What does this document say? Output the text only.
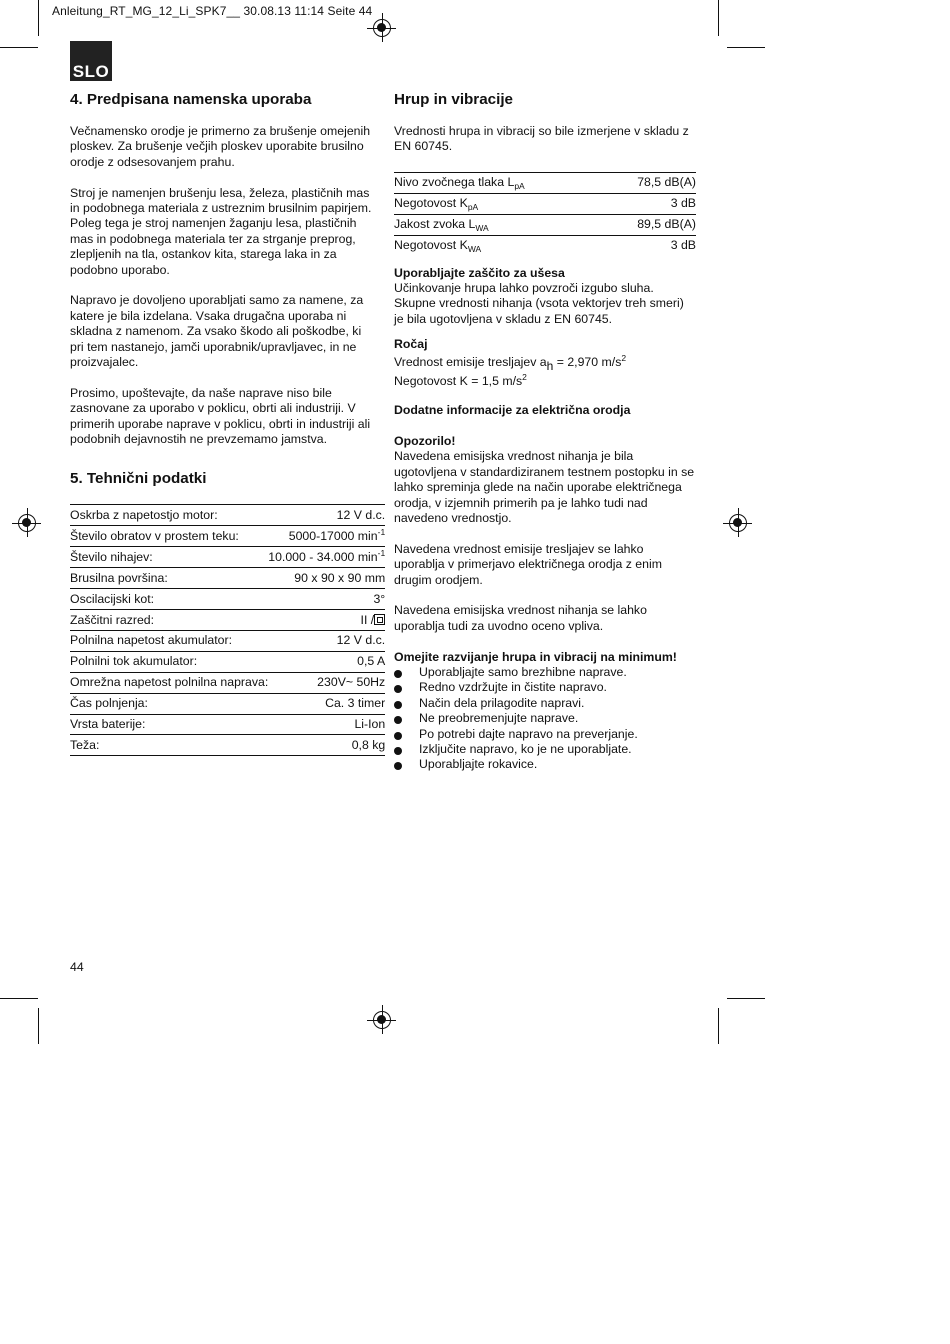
Anleitung_RT_MG_12_Li_SPK7__ 30.08.13 11:14 Seite 44
SLO
4. Predpisana namenska uporaba

Večnamensko orodje je primerno za brušenje omejenih ploskev. Za brušenje večjih ploskev uporabite brusilno orodje z odsesovanjem prahu.

Stroj je namenjen brušenju lesa, železa, plastičnih mas in podobnega materiala z ustreznim brusilnim papirjem. Poleg tega je stroj namenjen žaganju lesa, plastičnih mas in podobnega materiala ter za strganje preprog, zlepljenih na tla, ostankov kita, starega laka in za podobno uporabo.

Napravo je dovoljeno uporabljati samo za namene, za katere je bila izdelana. Vsaka drugačna uporaba ni skladna z namenom. Za vsako škodo ali poškodbe, ki pri tem nastanejo, jamči uporabnik/upravljavec, in ne proizvajalec.

Prosimo, upoštevajte, da naše naprave niso bile zasnovane za uporabo v poklicu, obrti ali industriji. V primerih uporabe naprave v poklicu, obrti in industriji ali podobnih dejavnostih ne prevzemamo jamstva.

5. Tehnični podatki
Oskrba z napetostjo motor:	12 V d.c.
Število obratov v prostem teku:	5000-17000 $\min^{-1}$
Število nihajev:	10.000 - 34.000 $\min^{-1}$
Brusilna površina:	90 x 90 x 90 mm
Oscilacijski kot:	3°
Zaščitni razred:	II /
Polnilna napetost akumulator:	12 V d.c.
Polnilni tok akumulator:	0,5 A
Omrežna napetost polnilna naprava:	230V~ 50Hz
Čas polnjenja:	Ca. 3 timer
Vrsta baterije:	Li-Ion
Teža:	0,8 kg
Hrup in vibracije

Vrednosti hrupa in vibracij so bile izmerjene v skladu z EN 60745.

Nivo zvočnega tlaka $L_{pA}$	78,5 dB(A)
Negotovost $K_{pA}$	3 dB
Jakost zvoka $L_{WA}$	89,5 dB(A)
Negotovost $K_{WA}$	3 dB
Uporabljajte zaščito za ušesa

Učinkovanje hrupa lahko povzroči izgubo sluha. Skupne vrednosti nihanja (vsota vektorjev treh smeri) je bila ugotovljena v skladu z EN 60745.

Ročaj
Vrednost emisije tresljajev $a_h = 2,970$ $m/s^2$
Negotovost K = 1,5 $m/s^2$
Dodatne informacije za električna orodja
Opozorilo!

Navedena emisijska vrednost nihanja je bila ugotovljena v standardiziranem testnem postopku in se lahko spreminja glede na način uporabe električnega orodja, v izjemnih primerih pa je lahko tudi nad navedeno vrednostjo.

Navedena vrednost emisije tresljajev se lahko uporablja v primerjavo električnega orodja z enim drugim orodjem.

Navedena emisijska vrednost nihanja se lahko uporablja tudi za uvodno oceno vpliva.

Omejite razvijanje hrupa in vibracij na minimum!
Uporabljajte samo brezhibne naprave.
Redno vzdržujte in čistite napravo.
Način dela prilagodite napravi.
Ne preobremenjujte naprave.
Po potrebi dajte napravo na preverjanje.
Izključite napravo, ko je ne uporabljate.
Uporabljajte rokavice.
44
